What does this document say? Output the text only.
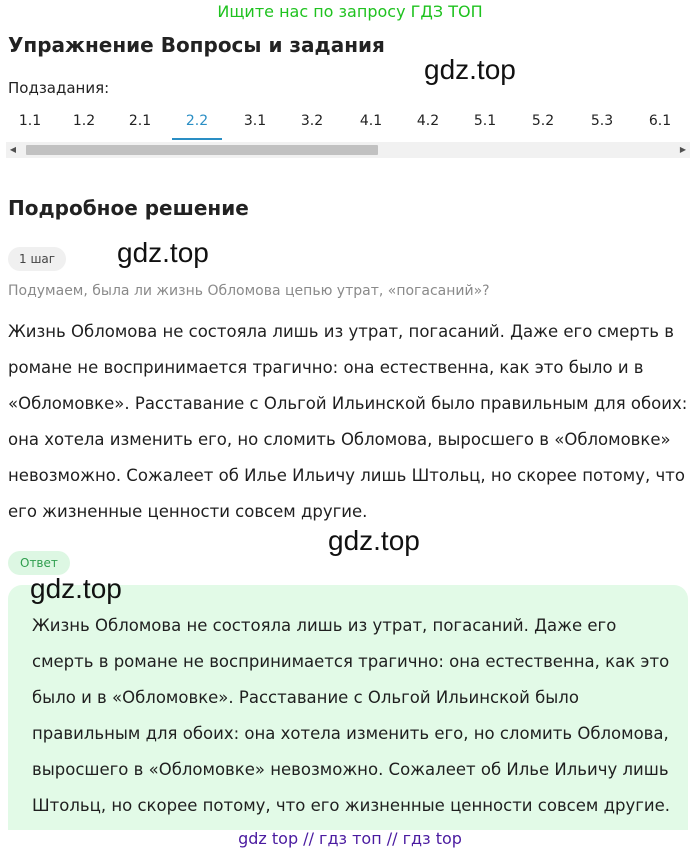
Ищите нас по запросу ГДЗ ТОП
Упражнение Вопросы и задания
gdz.top
Подзадания:
1.1	1.2	2.1	2.2	3.1	3.2	4.1	4.2	5.1	5.2	5.3	6.1
◀	▶
Подробное решение
1 шаг	gdz.top
Подумаем, была ли жизнь Обломова цепью утрат, «погасаний»?
Жизнь Обломова не состояла лишь из утрат, погасаний. Даже его смерть в романе не воспринимается трагично: она естественна, как это было и в «Обломовке». Расставание с Ольгой Ильинской было правильным для обоих: она хотела изменить его, но сломить Обломова, выросшего в «Обломовке» невозможно. Сожалеет об Илье Ильичу лишь Штольц, но скорее потому, что его жизненные ценности совсем другие.
Ответ
gdz.top
gdz.top
Жизнь Обломова не состояла лишь из утрат, погасаний. Даже его смерть в романе не воспринимается трагично: она естественна, как это было и в «Обломовке». Расставание с Ольгой Ильинской было правильным для обоих: она хотела изменить его, но сломить Обломова, выросшего в «Обломовке» невозможно. Сожалеет об Илье Ильичу лишь Штольц, но скорее потому, что его жизненные ценности совсем другие.
gdz top // гдз топ // гдз top
